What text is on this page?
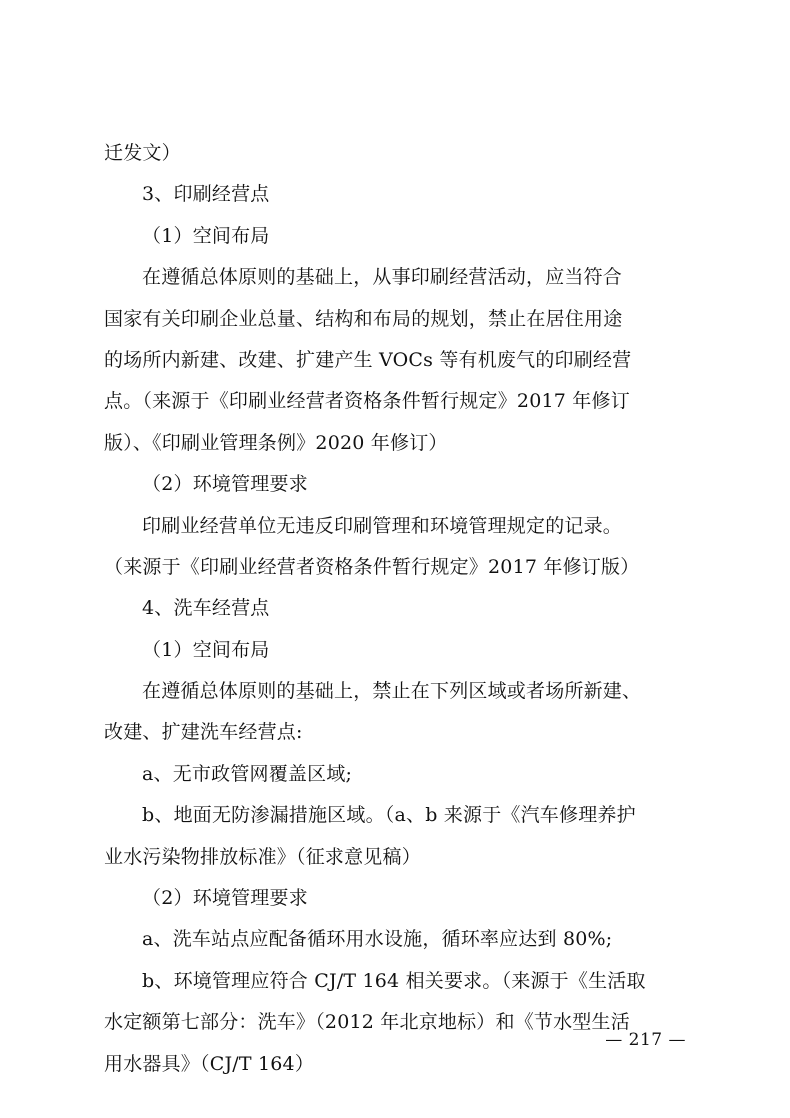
迁发文）
3、印刷经营点
（1）空间布局
在遵循总体原则的基础上，从事印刷经营活动，应当符合
国家有关印刷企业总量、结构和布局的规划，禁止在居住用途
的场所内新建、改建、扩建产生 VOCs 等有机废气的印刷经营
点。（来源于《印刷业经营者资格条件暂行规定》2017 年修订
版）、《印刷业管理条例》2020 年修订）
（2）环境管理要求
印刷业经营单位无违反印刷管理和环境管理规定的记录。
（来源于《印刷业经营者资格条件暂行规定》2017 年修订版）
4、洗车经营点
（1）空间布局
在遵循总体原则的基础上，禁止在下列区域或者场所新建、
改建、扩建洗车经营点:
a、无市政管网覆盖区域;
b、地面无防渗漏措施区域。（a、b 来源于《汽车修理养护
业水污染物排放标准》（征求意见稿）
（2）环境管理要求
a、洗车站点应配备循环用水设施，循环率应达到 80%;
b、环境管理应符合 CJ/T 164 相关要求。（来源于《生活取
水定额第七部分：洗车》（2012 年北京地标）和《节水型生活
用水器具》（CJ/T 164）
— 217 —
